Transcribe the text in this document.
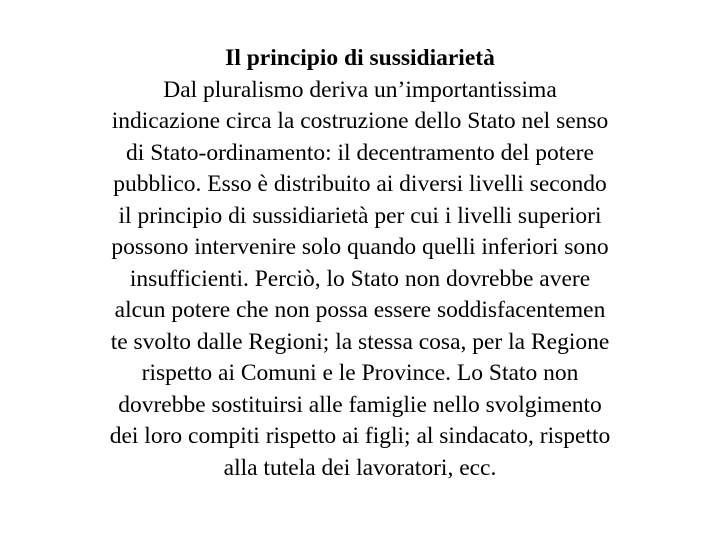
Il principio di sussidiarietà
Dal pluralismo deriva un’importantissima
indicazione circa la costruzione dello Stato nel senso
di Stato-ordinamento: il decentramento del potere
pubblico. Esso è distribuito ai diversi livelli secondo
il principio di sussidiarietà per cui i livelli superiori
possono intervenire solo quando quelli inferiori sono
insufficienti. Perciò, lo Stato non dovrebbe avere
alcun potere che non possa essere soddisfacentemen
te svolto dalle Regioni; la stessa cosa, per la Regione
rispetto ai Comuni e le Province. Lo Stato non
dovrebbe sostituirsi alle famiglie nello svolgimento
dei loro compiti rispetto ai figli; al sindacato, rispetto
alla tutela dei lavoratori, ecc.
